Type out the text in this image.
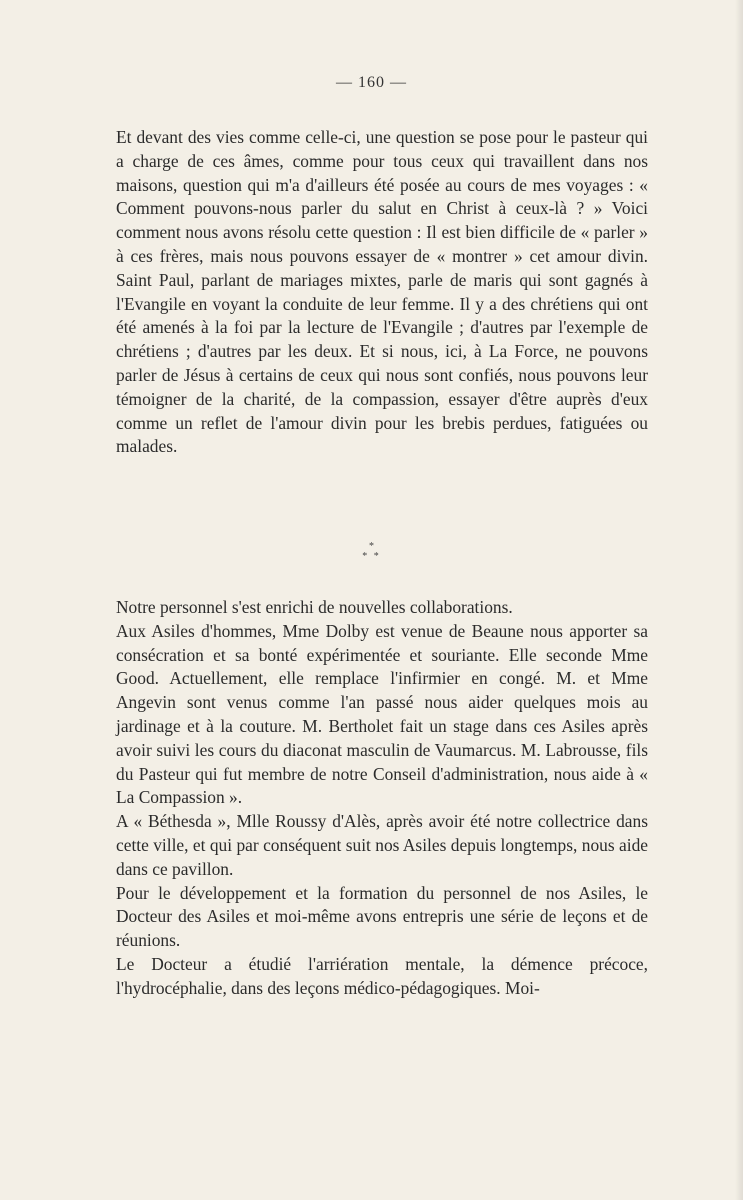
— 160 —

Et devant des vies comme celle-ci, une question se pose pour le pasteur qui a charge de ces âmes, comme pour tous ceux qui travaillent dans nos maisons, question qui m'a d'ailleurs été posée au cours de mes voyages : « Comment pouvons-nous parler du salut en Christ à ceux-là ? » Voici comment nous avons résolu cette question : Il est bien difficile de « parler » à ces frères, mais nous pouvons essayer de « montrer » cet amour divin. Saint Paul, parlant de mariages mixtes, parle de maris qui sont gagnés à l'Evangile en voyant la conduite de leur femme. Il y a des chrétiens qui ont été amenés à la foi par la lecture de l'Evangile ; d'autres par l'exemple de chrétiens ; d'autres par les deux. Et si nous, ici, à La Force, ne pouvons parler de Jésus à certains de ceux qui nous sont confiés, nous pouvons leur témoigner de la charité, de la compassion, essayer d'être auprès d'eux comme un reflet de l'amour divin pour les brebis perdues, fatiguées ou malades.

*
* *

Notre personnel s'est enrichi de nouvelles collaborations.

Aux Asiles d'hommes, Mme Dolby est venue de Beaune nous apporter sa consécration et sa bonté expérimentée et souriante. Elle seconde Mme Good. Actuellement, elle remplace l'infirmier en congé. M. et Mme Angevin sont venus comme l'an passé nous aider quelques mois au jardinage et à la couture. M. Bertholet fait un stage dans ces Asiles après avoir suivi les cours du diaconat masculin de Vaumarcus. M. Labrousse, fils du Pasteur qui fut membre de notre Conseil d'administration, nous aide à « La Compassion ».

A « Béthesda », Mlle Roussy d'Alès, après avoir été notre collectrice dans cette ville, et qui par conséquent suit nos Asiles depuis longtemps, nous aide dans ce pavillon.

Pour le développement et la formation du personnel de nos Asiles, le Docteur des Asiles et moi-même avons entrepris une série de leçons et de réunions.

Le Docteur a étudié l'arriération mentale, la démence précoce, l'hydrocéphalie, dans des leçons médico-pédagogiques. Moi-
